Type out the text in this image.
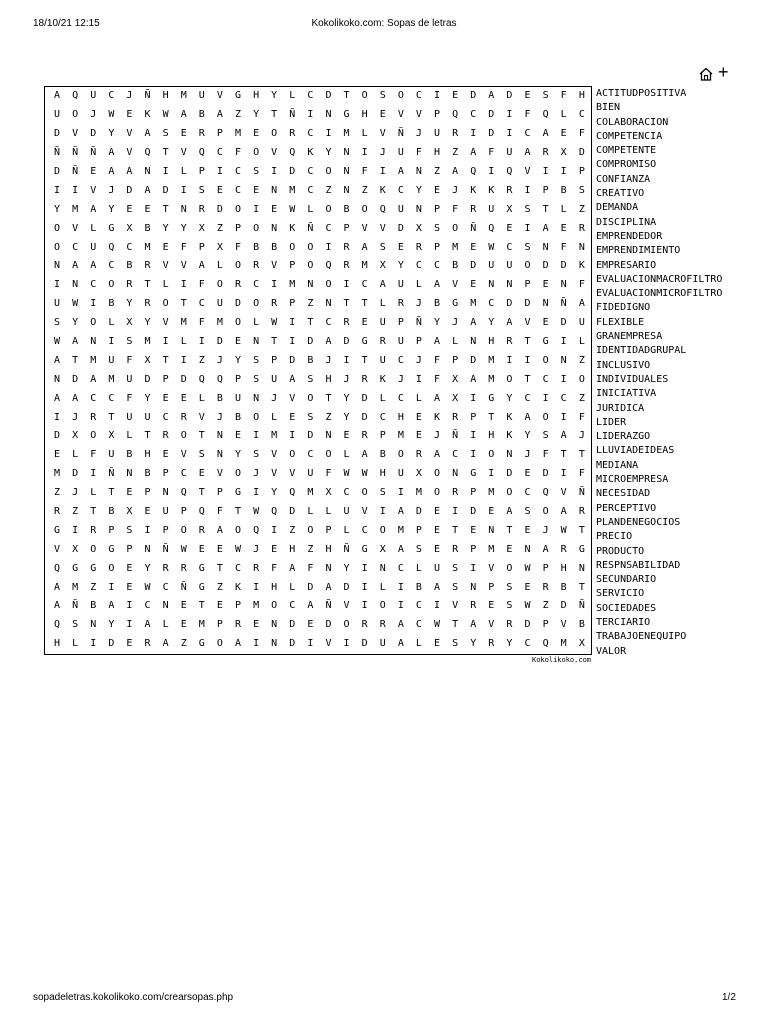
18/10/21 12:15	Kokolikoko.com: Sopas de letras
+
A	Q	U	C	J	Ñ	H	M	U	V	G	H	Y	L	C	D	T	O	S	O	C	I	E	D	A	D	E	S	F	H
U	O	J	W	E	K	W	A	B	A	Z	Y	T	Ñ	I	N	G	H	E	V	V	P	Q	C	D	I	F	Q	L	C
D	V	D	Y	V	A	S	E	R	P	M	E	O	R	C	I	M	L	V	Ñ	J	U	R	I	D	I	C	A	E	F
Ñ	Ñ	Ñ	A	V	Q	T	V	Q	C	F	O	V	Q	K	Y	N	I	J	U	F	H	Z	A	F	U	A	R	X	D
D	Ñ	E	A	A	N	I	L	P	I	C	S	I	D	C	O	N	F	I	A	N	Z	A	Q	I	Q	V	I	I	P
I	I	V	J	D	A	D	I	S	E	C	E	N	M	C	Z	N	Z	K	C	Y	E	J	K	K	R	I	P	B	S
Y	M	A	Y	E	E	T	N	R	D	O	I	E	W	L	O	B	O	Q	U	N	P	F	R	U	X	S	T	L	Z
O	V	L	G	X	B	Y	Y	X	Z	P	O	N	K	Ñ	C	P	V	V	D	X	S	O	Ñ	Q	E	I	A	E	R
O	C	U	Q	C	M	E	F	P	X	F	B	B	O	O	I	R	A	S	E	R	P	M	E	W	C	S	N	F	N
N	A	A	C	B	R	V	V	A	L	O	R	V	P	O	Q	R	M	X	Y	C	C	B	D	U	U	O	D	D	K
I	N	C	O	R	T	L	I	F	O	R	C	I	M	N	O	I	C	A	U	L	A	V	E	N	N	P	E	N	F
U	W	I	B	Y	R	O	T	C	U	D	O	R	P	Z	N	T	T	L	R	J	B	G	M	C	D	D	N	Ñ	A
S	Y	O	L	X	Y	V	M	F	M	O	L	W	I	T	C	R	E	U	P	Ñ	Y	J	A	Y	A	V	E	D	U
W	A	N	I	S	M	I	L	I	D	E	N	T	I	D	A	D	G	R	U	P	A	L	N	H	R	T	G	I	L
A	T	M	U	F	X	T	I	Z	J	Y	S	P	D	B	J	I	T	U	C	J	F	P	D	M	I	I	O	N	Z
N	D	A	M	U	D	P	D	Q	Q	P	S	U	A	S	H	J	R	K	J	I	F	X	A	M	O	T	C	I	O
A	A	C	C	F	Y	E	E	L	B	U	N	J	V	O	T	Y	D	L	C	L	A	X	I	G	Y	C	I	C	Z
I	J	R	T	U	U	C	R	V	J	B	O	L	E	S	Z	Y	D	C	H	E	K	R	P	T	K	A	O	I	F
D	X	O	X	L	T	R	O	T	N	E	I	M	I	D	N	E	R	P	M	E	J	Ñ	I	H	K	Y	S	A	J
E	L	F	U	B	H	E	V	S	N	Y	S	V	O	C	O	L	A	B	O	R	A	C	I	O	N	J	F	T	T
M	D	I	Ñ	N	B	P	C	E	V	O	J	V	V	U	F	W	W	H	U	X	O	N	G	I	D	E	D	I	F
Z	J	L	T	E	P	N	Q	T	P	G	I	Y	Q	M	X	C	O	S	I	M	O	R	P	M	O	C	Q	V	Ñ
R	Z	T	B	X	E	U	P	Q	F	T	W	Q	D	L	L	U	V	I	A	D	E	I	D	E	A	S	O	A	R
G	I	R	P	S	I	P	O	R	A	O	Q	I	Z	O	P	L	C	O	M	P	E	T	E	N	T	E	J	W	T
V	X	O	G	P	N	Ñ	W	E	E	W	J	E	H	Z	H	Ñ	G	X	A	S	E	R	P	M	E	N	A	R	G
Q	G	G	O	E	Y	R	R	G	T	C	R	F	A	F	N	Y	I	N	C	L	U	S	I	V	O	W	P	H	N
A	M	Z	I	E	W	C	Ñ	G	Z	K	I	H	L	D	A	D	I	L	I	B	A	S	N	P	S	E	R	B	T
A	Ñ	B	A	I	C	N	E	T	E	P	M	O	C	A	Ñ	V	I	O	I	C	I	V	R	E	S	W	Z	D	Ñ
Q	S	N	Y	I	A	L	E	M	P	R	E	N	D	E	D	O	R	R	A	C	W	T	A	V	R	D	P	V	B
H	L	I	D	E	R	A	Z	G	O	A	I	N	D	I	V	I	D	U	A	L	E	S	Y	R	Y	C	Q	M	X
ACTITUDPOSITIVA
BIEN
COLABORACION
COMPETENCIA
COMPETENTE
COMPROMISO
CONFIANZA
CREATIVO
DEMANDA
DISCIPLINA
EMPRENDEDOR
EMPRENDIMIENTO
EMPRESARIO
EVALUACIONMACROFILTRO
EVALUACIONMICROFILTRO
FIDEDIGNO
FLEXIBLE
GRANEMPRESA
IDENTIDADGRUPAL
INCLUSIVO
INDIVIDUALES
INICIATIVA
JURIDICA
LIDER
LIDERAZGO
LLUVIADEIDEAS
MEDIANA
MICROEMPRESA
NECESIDAD
PERCEPTIVO
PLANDENEGOCIOS
PRECIO
PRODUCTO
RESPNSABILIDAD
SECUNDARIO
SERVICIO
SOCIEDADES
TERCIARIO
TRABAJOENEQUIPO
VALOR
Kokolikoko.com
sopadeletras.kokolikoko.com/crearsopas.php	1/2
